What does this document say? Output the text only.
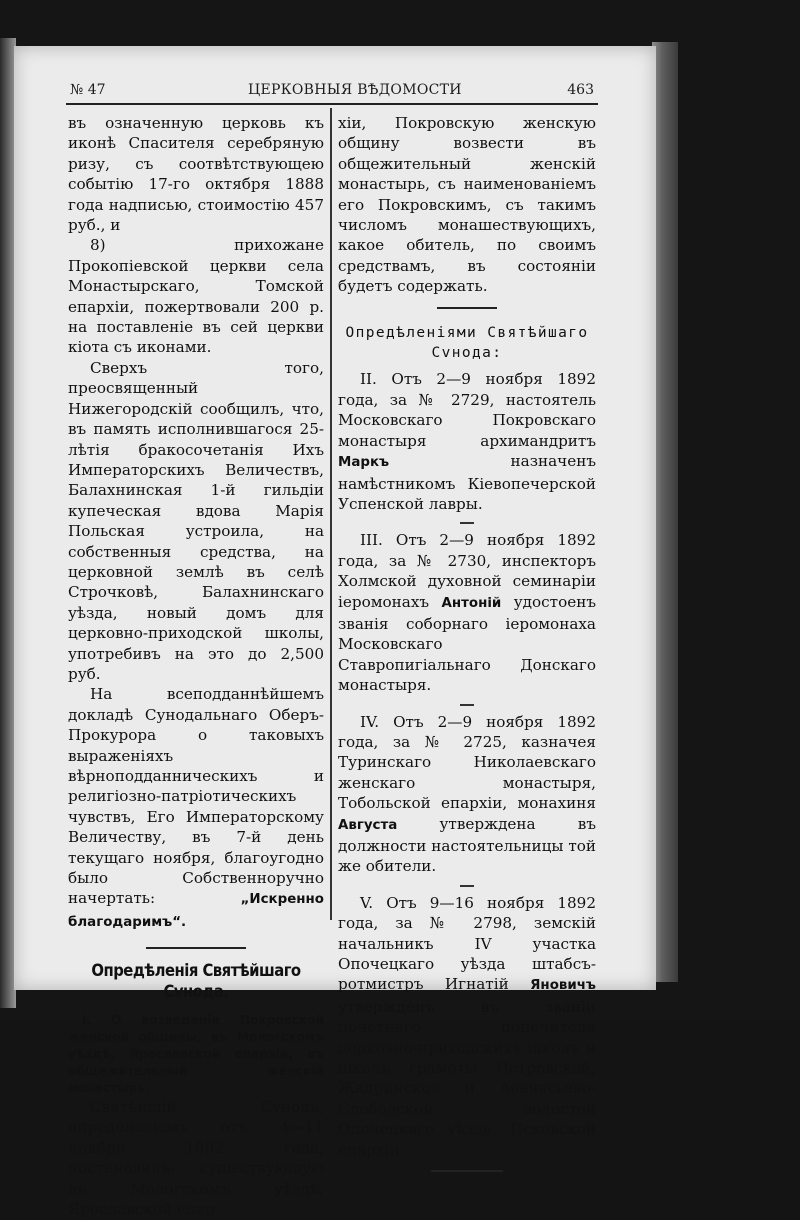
№ 47	ЦЕРКОВНЫЯ ВѢДОМОСТИ	463

въ означенную церковь къ иконѣ Спасителя серебряную ризу, съ соотвѣтствующею событію 17-го октября 1888 года надписью, стоимостію 457 руб., и

8) прихожане Прокопіевской церкви села Монастырскаго, Томской епархіи, пожертвовали 200 р. на поставленіе въ сей церкви кіота съ иконами.

Сверхъ того, преосвященный Нижегородскій сообщилъ, что, въ память исполнившагося 25-лѣтія бракосочетанія Ихъ Императорскихъ Величествъ, Балахнинская 1-й гильдіи купеческая вдова Марія Польская устроила, на собственныя средства, на церковной землѣ въ селѣ Строчковѣ, Балахнинскаго уѣзда, новый домъ для церковно-приходской школы, употребивъ на это до 2,500 руб.

На всеподданнѣйшемъ докладѣ Сунодальнаго Оберъ-Прокурора о таковыхъ выраженіяхъ вѣрноподданническихъ и религіозно-патріотическихъ чувствъ, Его Императорскому Величеству, въ 7-й день текущаго ноября, благоугодно было Собственноручно начертать:	„Искренно благодаримъ“.

Опредѣленія Святѣйшаго Сvнода.

I. О возведеніи Покровской женской общины, въ Мологскомъ уѣздѣ, Ярославской епархіи, въ общежительный женскій монастырь.

Святѣйшій Сvнодъ, определеніемъ отъ 4—11 ноября 1892 года, постановилъ: существующую въ Мологскомъ уѣздѣ, Ярославской епар-

хіи, Покровскую женскую общину возвести въ общежительный женскій монастырь, съ наименованіемъ его Покровскимъ, съ такимъ числомъ монашествующихъ, какое обитель, по своимъ средствамъ, въ состояніи будетъ содержать.

Опредѣленіями Святѣйшаго Сvнода:

II. Отъ 2—9 ноября 1892 года, за № 2729, настоятель Московскаго Покровскаго монастыря архимандритъ Маркъ	назначенъ намѣстникомъ Кіевопечерской Успенской лавры.

III. Отъ 2—9 ноября 1892 года, за № 2730, инспекторъ Холмской духовной семинаріи іеромонахъ Антоній удостоенъ званія соборнаго іеромонаха Московскаго Ставропигіальнаго Донскаго монастыря.

IV. Отъ 2—9 ноября 1892 года, за № 2725, казначея Туринскаго Николаевскаго женскаго монастыря, Тобольской епархіи, монахиня Августа	утверждена въ должности настоятельницы той же обители.

V. Отъ 9—16 ноября 1892 года, за № 2798, земскій начальникъ IV участка Опочецкаго уѣзда штабсъ-ротмистръ Игнатій Яновичъ утвержденъ въ званіи почетнаго попечителя церковно-приходскихъ школъ и школъ грамоты Петровской, Жадринской и Аѳанасьево-Слободской волостей Опочецкаго уѣзда, Псковской епархіи.
